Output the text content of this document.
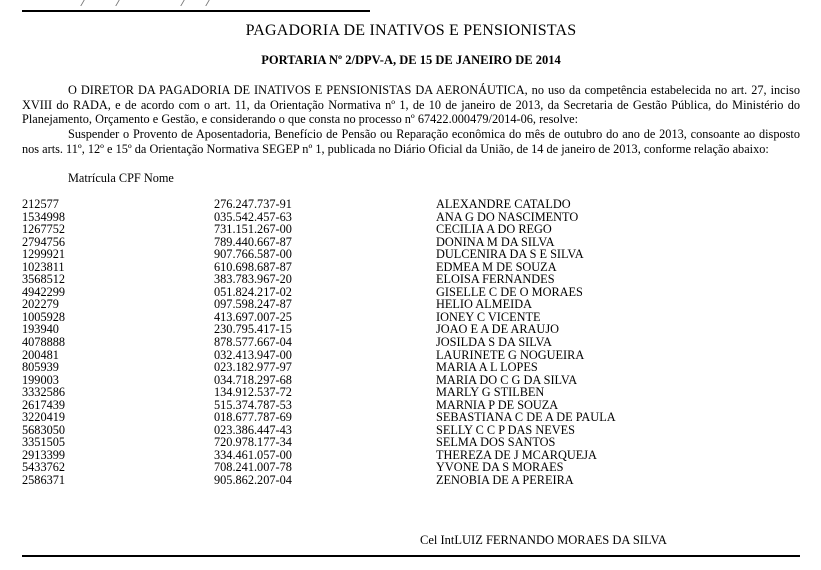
PAGADORIA DE INATIVOS E PENSIONISTAS
PORTARIA Nº 2/DPV-A, DE 15 DE JANEIRO DE 2014
O DIRETOR DA PAGADORIA DE INATIVOS E PENSIONISTAS DA AERONÁUTICA, no uso da competência estabelecida no art. 27, inciso XVIII do RADA, e de acordo com o art. 11, da Orientação Normativa nº 1, de 10 de janeiro de 2013, da Secretaria de Gestão Pública, do Ministério do Planejamento, Orçamento e Gestão, e considerando o que consta no processo nº 67422.000479/2014-06, resolve:
Suspender o Provento de Aposentadoria, Benefício de Pensão ou Reparação econômica do mês de outubro do ano de 2013, consoante ao disposto nos arts. 11º, 12º e 15º da Orientação Normativa SEGEP nº 1, publicada no Diário Oficial da União, de 14 de janeiro de 2013, conforme relação abaixo:
Matrícula CPF Nome
212577	276.247.737-91	ALEXANDRE CATALDO
1534998	035.542.457-63	ANA G DO NASCIMENTO
1267752	731.151.267-00	CECILIA A DO REGO
2794756	789.440.667-87	DONINA M DA SILVA
1299921	907.766.587-00	DULCENIRA DA S E SILVA
1023811	610.698.687-87	EDMEA M DE SOUZA
3568512	383.783.967-20	ELOISA FERNANDES
4942299	051.824.217-02	GISELLE C DE O MORAES
202279	097.598.247-87	HELIO ALMEIDA
1005928	413.697.007-25	IONEY C VICENTE
193940	230.795.417-15	JOAO E A DE ARAUJO
4078888	878.577.667-04	JOSILDA S DA SILVA
200481	032.413.947-00	LAURINETE G NOGUEIRA
805939	023.182.977-97	MARIA A L LOPES
199003	034.718.297-68	MARIA DO C G DA SILVA
3332586	134.912.537-72	MARLY G STILBEN
2617439	515.374.787-53	MARNIA P DE SOUZA
3220419	018.677.787-69	SEBASTIANA C DE A DE PAULA
5683050	023.386.447-43	SELLY C C P DAS NEVES
3351505	720.978.177-34	SELMA DOS SANTOS
2913399	334.461.057-00	THEREZA DE J MCARQUEJA
5433762	708.241.007-78	YVONE DA S MORAES
2586371	905.862.207-04	ZENOBIA DE A PEREIRA
Cel IntLUIZ FERNANDO MORAES DA SILVA
